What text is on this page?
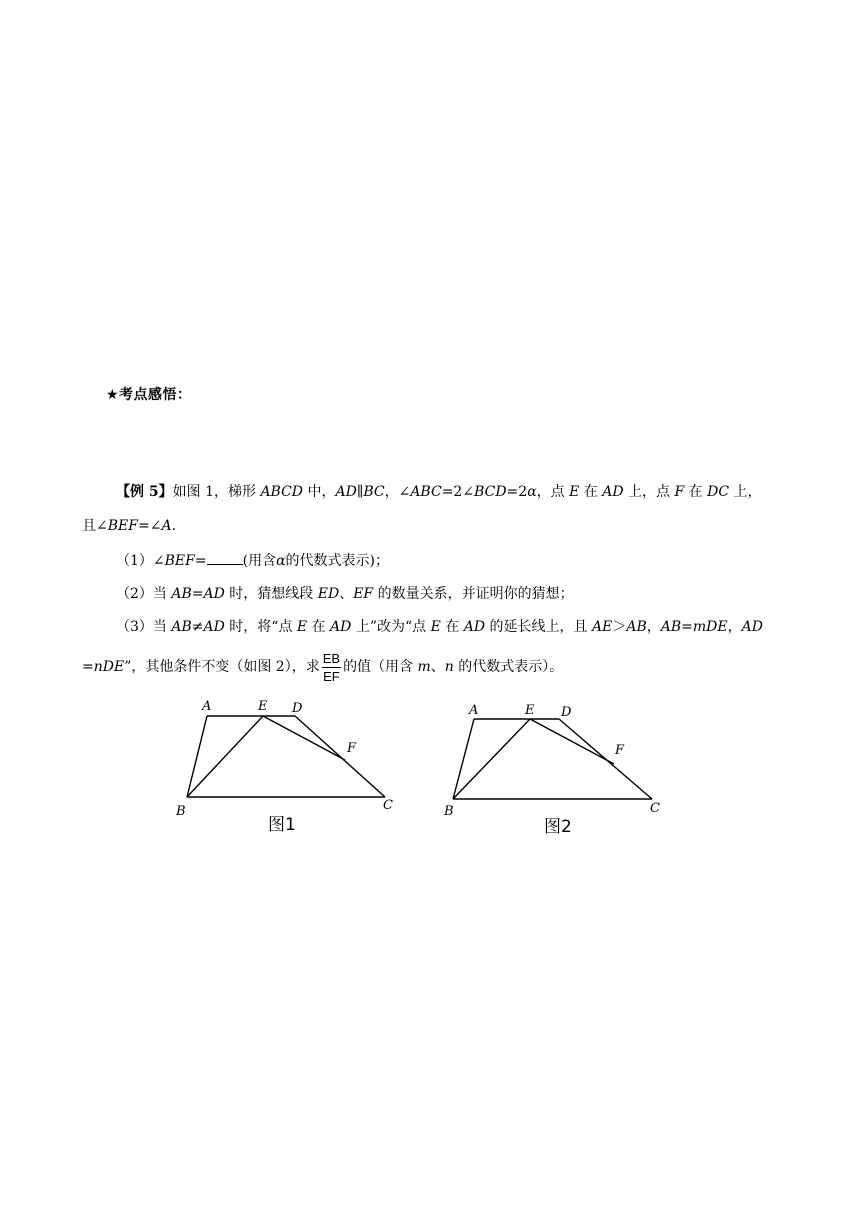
★考点感悟：
【例 5】如图 1，梯形 ABCD 中，AD∥BC，∠ABC=2∠BCD=2α，点 E 在 AD 上，点 F 在 DC 上，
且∠BEF=∠A.
（1）∠BEF=	(用含α的代数式表示)；
（2）当 AB=AD 时，猜想线段 ED、EF 的数量关系，并证明你的猜想；
（3）当 AB≠AD 时，将“点 E 在 AD 上”改为“点 E 在 AD 的延长线上，且 AE＞AB，AB=mDE，AD
=nDE”，其他条件不变（如图 2），求 $\frac{EB}{EF}$ 的值（用含 m、n 的代数式表示）。
A	E D
F
B	C
图1
A	E D
F
B	C
图2
